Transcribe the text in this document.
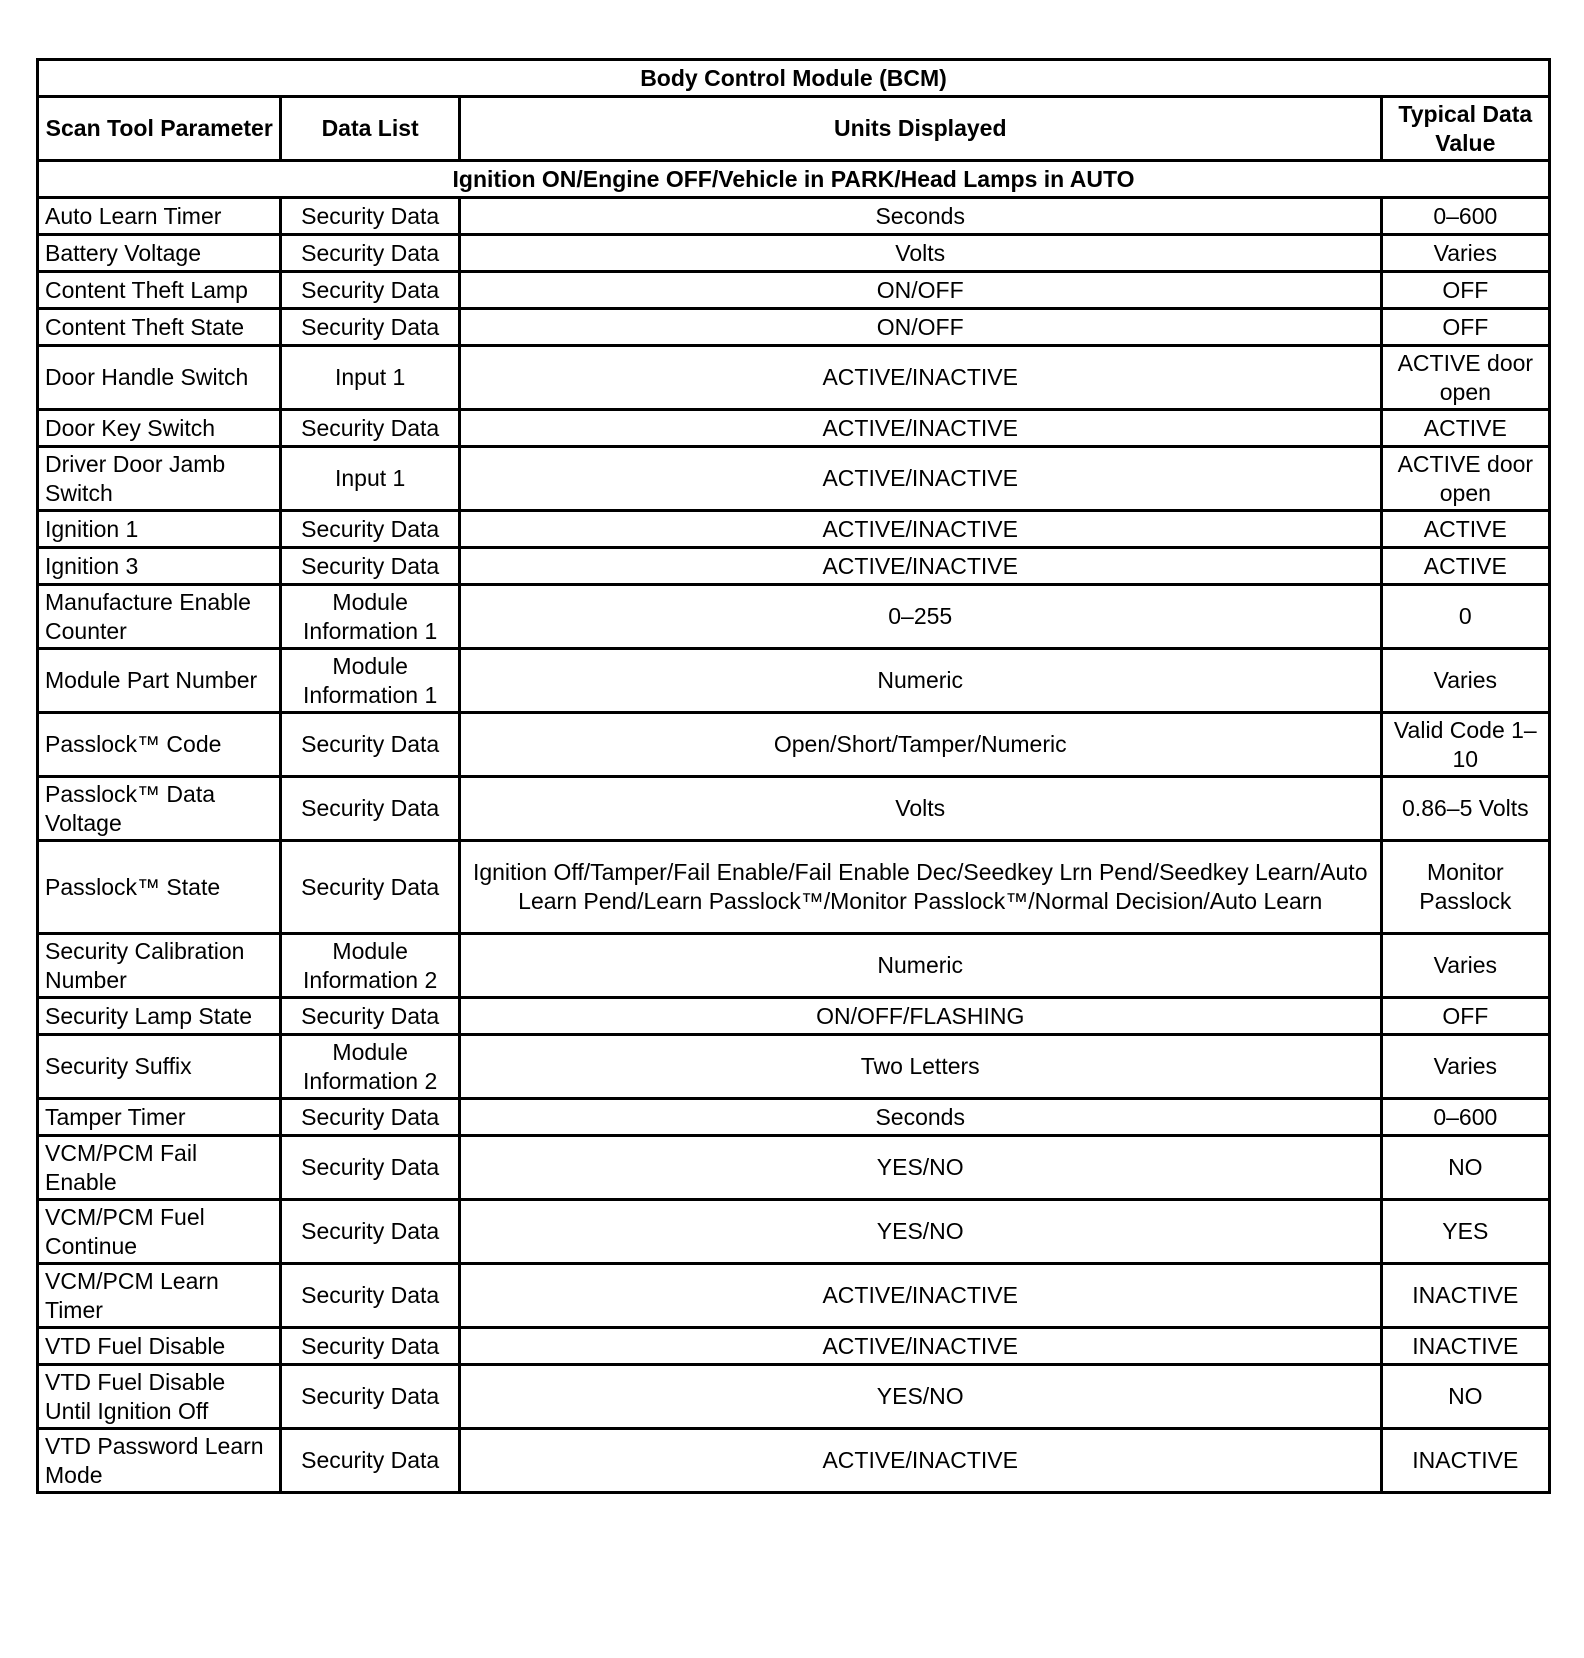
Body Control Module (BCM)			
Scan Tool Parameter	Data List	Units Displayed	Typical Data Value
Ignition ON/Engine OFF/Vehicle in PARK/Head Lamps in AUTO			
Auto Learn Timer	Security Data	Seconds	0–600
Battery Voltage	Security Data	Volts	Varies
Content Theft Lamp	Security Data	ON/OFF	OFF
Content Theft State	Security Data	ON/OFF	OFF
Door Handle Switch	Input 1	ACTIVE/INACTIVE	ACTIVE door open
Door Key Switch	Security Data	ACTIVE/INACTIVE	ACTIVE
Driver Door Jamb Switch	Input 1	ACTIVE/INACTIVE	ACTIVE door open
Ignition 1	Security Data	ACTIVE/INACTIVE	ACTIVE
Ignition 3	Security Data	ACTIVE/INACTIVE	ACTIVE
Manufacture Enable Counter	Module Information 1	0–255	0
Module Part Number	Module Information 1	Numeric	Varies
Passlock™ Code	Security Data	Open/Short/Tamper/Numeric	Valid Code 1–10
Passlock™ Data Voltage	Security Data	Volts	0.86–5 Volts
Passlock™ State	Security Data	Ignition Off/Tamper/Fail Enable/Fail Enable Dec/Seedkey Lrn Pend/Seedkey Learn/Auto Learn Pend/Learn Passlock™/Monitor Passlock™/Normal Decision/Auto Learn	Monitor Passlock
Security Calibration Number	Module Information 2	Numeric	Varies
Security Lamp State	Security Data	ON/OFF/FLASHING	OFF
Security Suffix	Module Information 2	Two Letters	Varies
Tamper Timer	Security Data	Seconds	0–600
VCM/PCM Fail Enable	Security Data	YES/NO	NO
VCM/PCM Fuel Continue	Security Data	YES/NO	YES
VCM/PCM Learn Timer	Security Data	ACTIVE/INACTIVE	INACTIVE
VTD Fuel Disable	Security Data	ACTIVE/INACTIVE	INACTIVE
VTD Fuel Disable Until Ignition Off	Security Data	YES/NO	NO
VTD Password Learn Mode	Security Data	ACTIVE/INACTIVE	INACTIVE
